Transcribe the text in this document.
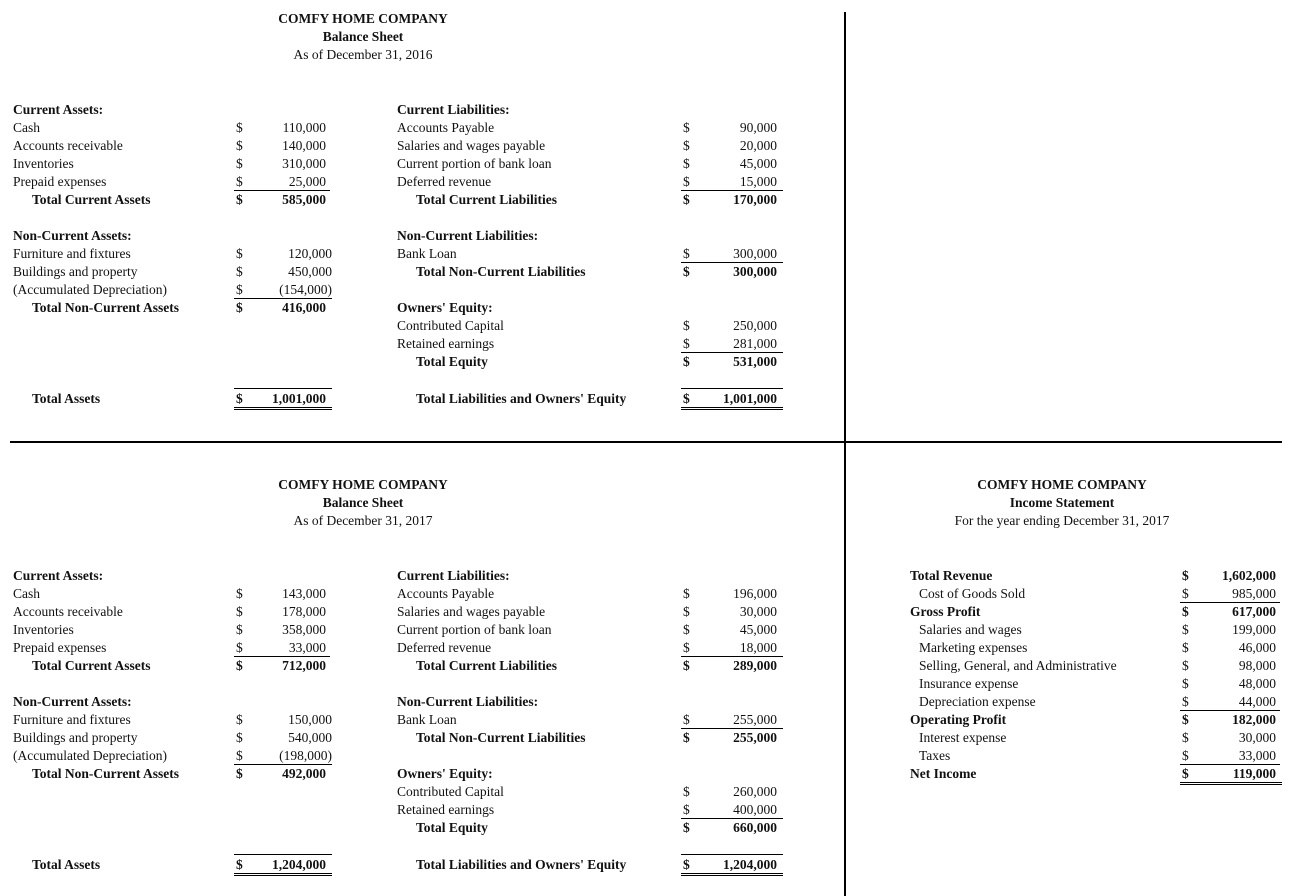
COMFY HOME COMPANY
Balance Sheet
As of December 31, 2016
Current Assets:
Cash	$	110,000
Accounts receivable	$	140,000
Inventories	$	310,000
Prepaid expenses	$	25,000
Total Current Assets	$	585,000
Current Liabilities:
Accounts Payable	$	90,000
Salaries and wages payable	$	20,000
Current portion of bank loan	$	45,000
Deferred revenue	$	15,000
Total Current Liabilities	$	170,000
Non-Current Assets:
Furniture and fixtures	$	120,000
Buildings and property	$	450,000
(Accumulated Depreciation)	$	(154,000)
Total Non-Current Assets	$	416,000
Non-Current Liabilities:
Bank Loan	$	300,000
Total Non-Current Liabilities	$	300,000
Owners' Equity:
Contributed Capital	$	250,000
Retained earnings	$	281,000
Total Equity	$	531,000
Total Assets	$	1,001,000	Total Liabilities and Owners' Equity	$	1,001,000
COMFY HOME COMPANY
Balance Sheet
As of December 31, 2017
Current Assets:
Cash	$	143,000
Accounts receivable	$	178,000
Inventories	$	358,000
Prepaid expenses	$	33,000
Total Current Assets	$	712,000
Current Liabilities:
Accounts Payable	$	196,000
Salaries and wages payable	$	30,000
Current portion of bank loan	$	45,000
Deferred revenue	$	18,000
Total Current Liabilities	$	289,000
Non-Current Assets:
Furniture and fixtures	$	150,000
Buildings and property	$	540,000
(Accumulated Depreciation)	$	(198,000)
Total Non-Current Assets	$	492,000
Non-Current Liabilities:
Bank Loan	$	255,000
Total Non-Current Liabilities	$	255,000
Owners' Equity:
Contributed Capital	$	260,000
Retained earnings	$	400,000
Total Equity	$	660,000
Total Assets	$	1,204,000	Total Liabilities and Owners' Equity	$	1,204,000
COMFY HOME COMPANY
Income Statement
For the year ending December 31, 2017
Total Revenue	$	1,602,000
Cost of Goods Sold	$	985,000
Gross Profit	$	617,000
Salaries and wages	$	199,000
Marketing expenses	$	46,000
Selling, General, and Administrative	$	98,000
Insurance expense	$	48,000
Depreciation expense	$	44,000
Operating Profit	$	182,000
Interest expense	$	30,000
Taxes	$	33,000
Net Income	$	119,000
